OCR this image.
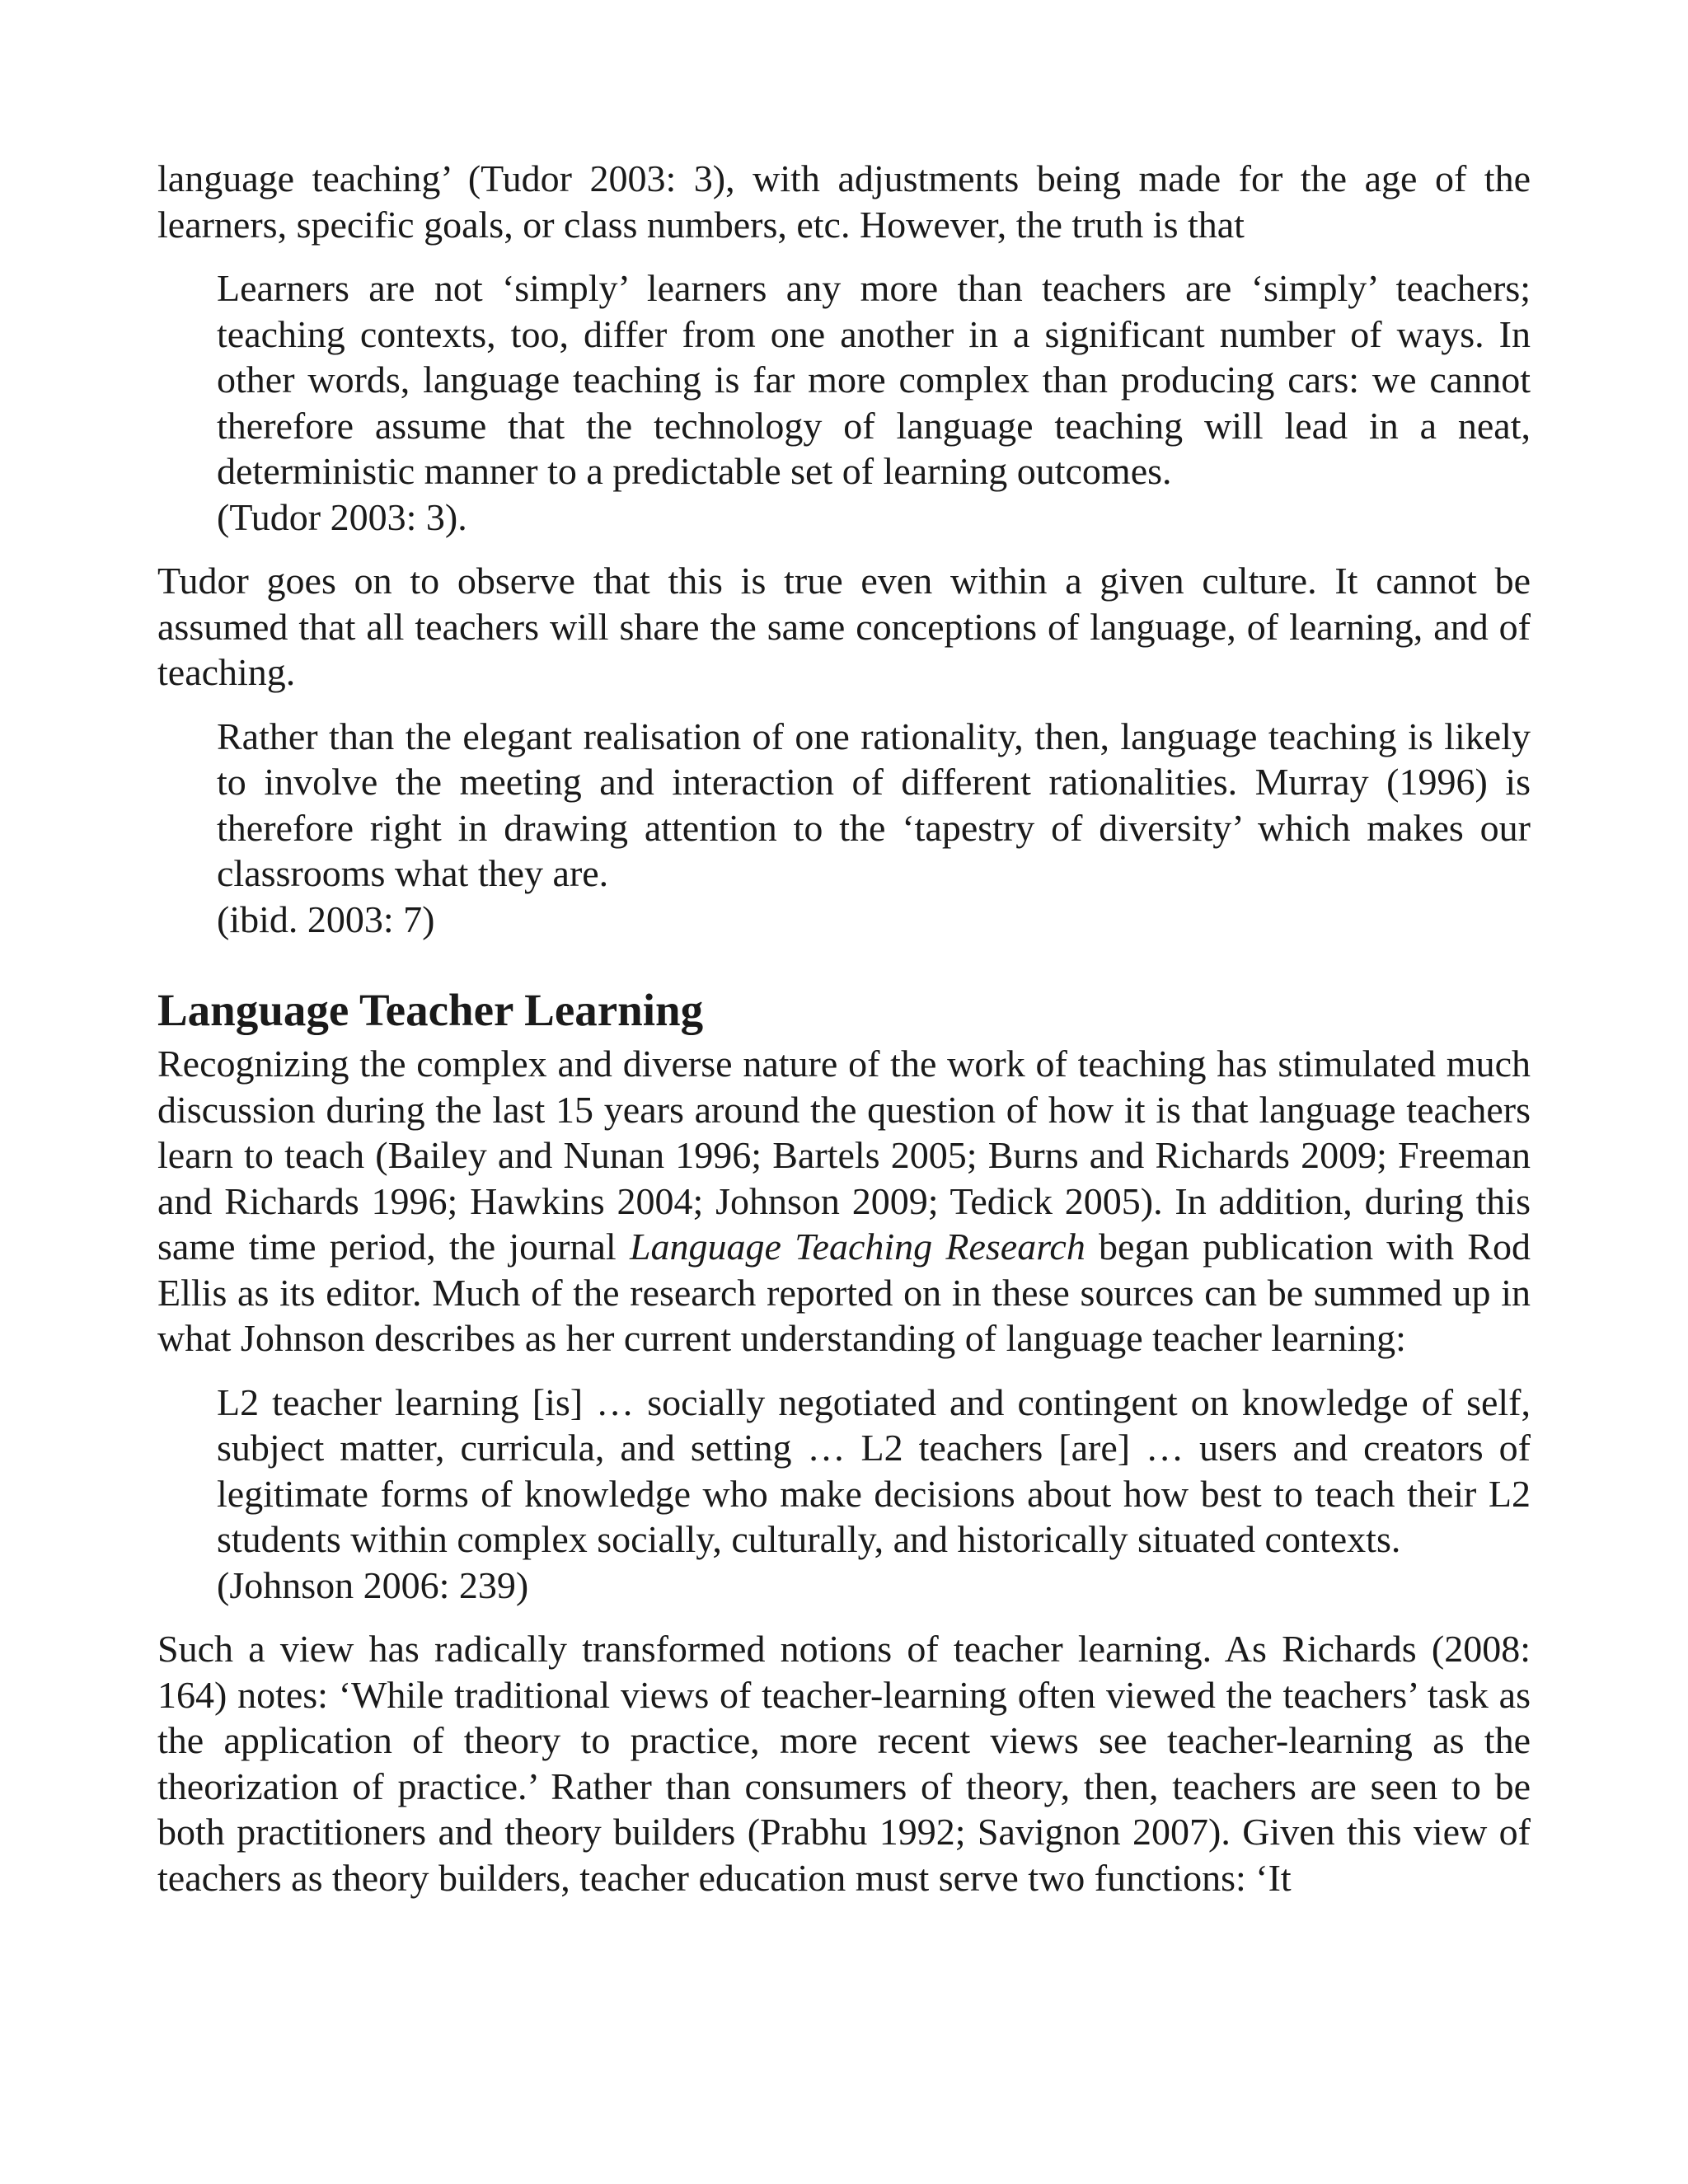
language teaching’ (Tudor 2003: 3), with adjustments being made for the age of the learners, specific goals, or class numbers, etc. However, the truth is that

Learners are not ‘simply’ learners any more than teachers are ‘simply’ teachers; teaching contexts, too, differ from one another in a significant number of ways. In other words, language teaching is far more complex than producing cars: we cannot therefore assume that the technology of language teaching will lead in a neat, deterministic manner to a predictable set of learning outcomes.

(Tudor 2003: 3).

Tudor goes on to observe that this is true even within a given culture. It cannot be assumed that all teachers will share the same conceptions of language, of learning, and of teaching.

Rather than the elegant realisation of one rationality, then, language teaching is likely to involve the meeting and interaction of different rationalities. Murray (1996) is therefore right in drawing attention to the ‘tapestry of diversity’ which makes our classrooms what they are.

(ibid. 2003: 7)

Language Teacher Learning

Recognizing the complex and diverse nature of the work of teaching has stimulated much discussion during the last 15 years around the question of how it is that language teachers learn to teach (Bailey and Nunan 1996; Bartels 2005; Burns and Richards 2009; Freeman and Richards 1996; Hawkins 2004; Johnson 2009; Tedick 2005). In addition, during this same time period, the journal Language Teaching Research began publication with Rod Ellis as its editor. Much of the research reported on in these sources can be summed up in what Johnson describes as her current understanding of language teacher learning:

L2 teacher learning [is] … socially negotiated and contingent on knowledge of self, subject matter, curricula, and setting … L2 teachers [are] … users and creators of legitimate forms of knowledge who make decisions about how best to teach their L2 students within complex socially, culturally, and historically situated contexts.

(Johnson 2006: 239)

Such a view has radically transformed notions of teacher learning. As Richards (2008: 164) notes: ‘While traditional views of teacher-learning often viewed the teachers’ task as the application of theory to practice, more recent views see teacher-learning as the theorization of practice.’ Rather than consumers of theory, then, teachers are seen to be both practitioners and theory builders (Prabhu 1992; Savignon 2007). Given this view of teachers as theory builders, teacher education must serve two functions: ‘It
